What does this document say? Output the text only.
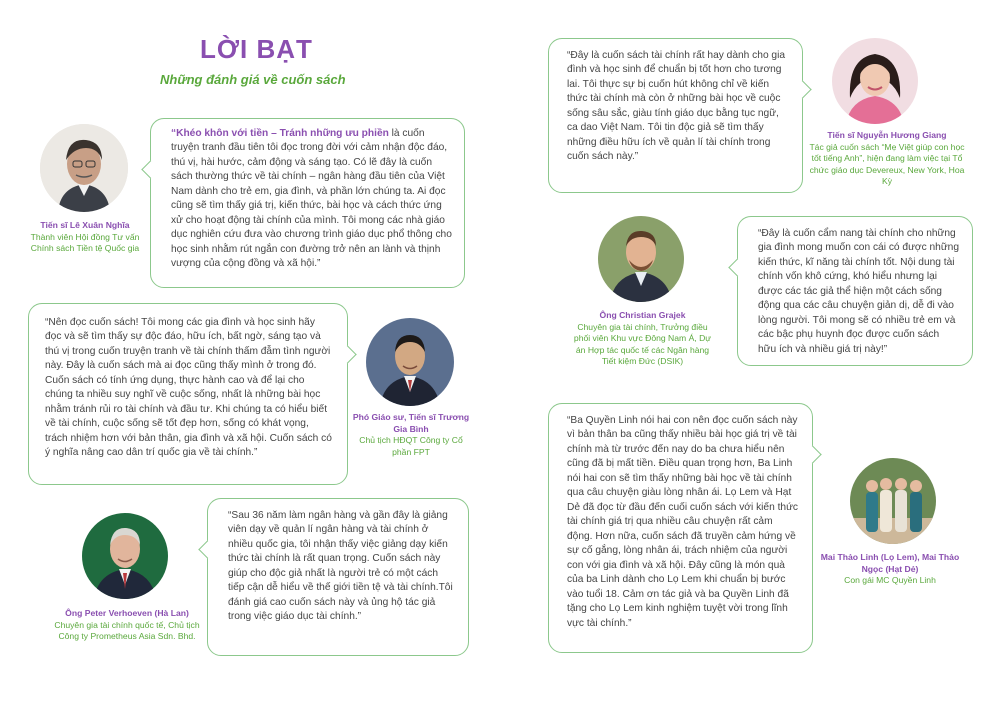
LỜI BẠT
Những đánh giá về cuốn sách
Tiến sĩ Lê Xuân Nghĩa
Thành viên Hội đồng Tư vấn Chính sách Tiền tệ Quốc gia
“Khéo khôn với tiền – Tránh những ưu phiền là cuốn truyện tranh đầu tiên tôi đọc trong đời với cảm nhận độc đáo, thú vị, hài hước, cảm động và sáng tạo. Có lẽ đây là cuốn sách thường thức về tài chính – ngân hàng đầu tiên của Việt Nam dành cho trẻ em, gia đình, và phần lớn chúng ta. Ai đọc cũng sẽ tìm thấy giá trị, kiến thức, bài học và cách thức ứng xử cho hoạt động tài chính của mình. Tôi mong các nhà giáo dục nghiên cứu đưa vào chương trình giáo dục phổ thông cho học sinh nhằm rút ngắn con đường trở nên an lành và thịnh vượng của cộng đồng và xã hội.”
“Nên đọc cuốn sách! Tôi mong các gia đình và học sinh hãy đọc và sẽ tìm thấy sự độc đáo, hữu ích, bất ngờ, sáng tạo và thú vị trong cuốn truyện tranh về tài chính thấm đẫm tình người này. Đây là cuốn sách mà ai đọc cũng thấy mình ở trong đó. Cuốn sách có tính ứng dụng, thực hành cao và để lại cho chúng ta nhiều suy nghĩ về cuộc sống, nhất là những bài học nhằm tránh rủi ro tài chính và đầu tư. Khi chúng ta có hiểu biết về tài chính, cuộc sống sẽ tốt đẹp hơn, sống có khát vọng, trách nhiệm hơn với bản thân, gia đình và xã hội. Cuốn sách có ý nghĩa nâng cao dân trí quốc gia về tài chính.”
Phó Giáo sư, Tiến sĩ Trương Gia Bình
Chủ tịch HĐQT Công ty Cổ phần FPT
Ông Peter Verhoeven (Hà Lan)
Chuyên gia tài chính quốc tế, Chủ tịch Công ty Prometheus Asia Sdn. Bhd.
“Sau 36 năm làm ngân hàng và gần đây là giảng viên dạy về quản lí ngân hàng và tài chính ở nhiều quốc gia, tôi nhận thấy việc giảng dạy kiến thức tài chính là rất quan trọng. Cuốn sách này giúp cho độc giả nhất là người trẻ có một cách tiếp cận dễ hiểu về thế giới tiền tệ và tài chính.Tôi đánh giá cao cuốn sách này và ủng hộ tác giả trong việc giáo dục tài chính.”
“Đây là cuốn sách tài chính rất hay dành cho gia đình và học sinh để chuẩn bị tốt hơn cho tương lai. Tôi thực sự bị cuốn hút không chỉ về kiến thức tài chính mà còn ở những bài học về cuộc sống sâu sắc, giàu tính giáo dục bằng tục ngữ, ca dao Việt Nam. Tôi tin độc giả sẽ tìm thấy những điều hữu ích về quản lí tài chính trong cuốn sách này.”
Tiến sĩ Nguyễn Hương Giang
Tác giả cuốn sách “Mẹ Việt giúp con học tốt tiếng Anh”, hiện đang làm việc tại Tổ chức giáo dục Devereux, New York, Hoa Kỳ
Ông Christian Grajek
Chuyên gia tài chính, Trưởng điều phối viên Khu vực Đông Nam Á, Dự án Hợp tác quốc tế các Ngân hàng Tiết kiệm Đức (DSIK)
“Đây là cuốn cẩm nang tài chính cho những gia đình mong muốn con cái có được những kiến thức, kĩ năng tài chính tốt. Nội dung tài chính vốn khô cứng, khó hiểu nhưng lại được các tác giả thể hiện một cách sống động qua các câu chuyện giản dị, dễ đi vào lòng người. Tôi mong sẽ có nhiều trẻ em và các bậc phụ huynh đọc được cuốn sách hữu ích và nhiều giá trị này!”
“Ba Quyền Linh nói hai con nên đọc cuốn sách này vì bản thân ba cũng thấy nhiều bài học giá trị về tài chính mà từ trước đến nay do ba chưa hiểu nên cũng đã bị mất tiền. Điều quan trọng hơn, Ba Linh nói hai con sẽ tìm thấy những bài học về tài chính qua câu chuyện giàu lòng nhân ái. Lọ Lem và Hạt Dẻ đã đọc từ đầu đến cuối cuốn sách với kiến thức tài chính giá trị qua nhiều câu chuyện rất cảm động. Hơn nữa, cuốn sách đã truyền cảm hứng về sự cố gắng, lòng nhân ái, trách nhiệm của người con với gia đình và xã hội. Đây cũng là món quà của ba Linh dành cho Lọ Lem khi chuẩn bị bước vào tuổi 18. Cảm ơn tác giả và ba Quyền Linh đã tặng cho Lọ Lem kinh nghiệm tuyệt vời trong lĩnh vực tài chính.”
Mai Thảo Linh (Lọ Lem), Mai Thảo Ngọc (Hạt Dẻ)
Con gái MC Quyền Linh
